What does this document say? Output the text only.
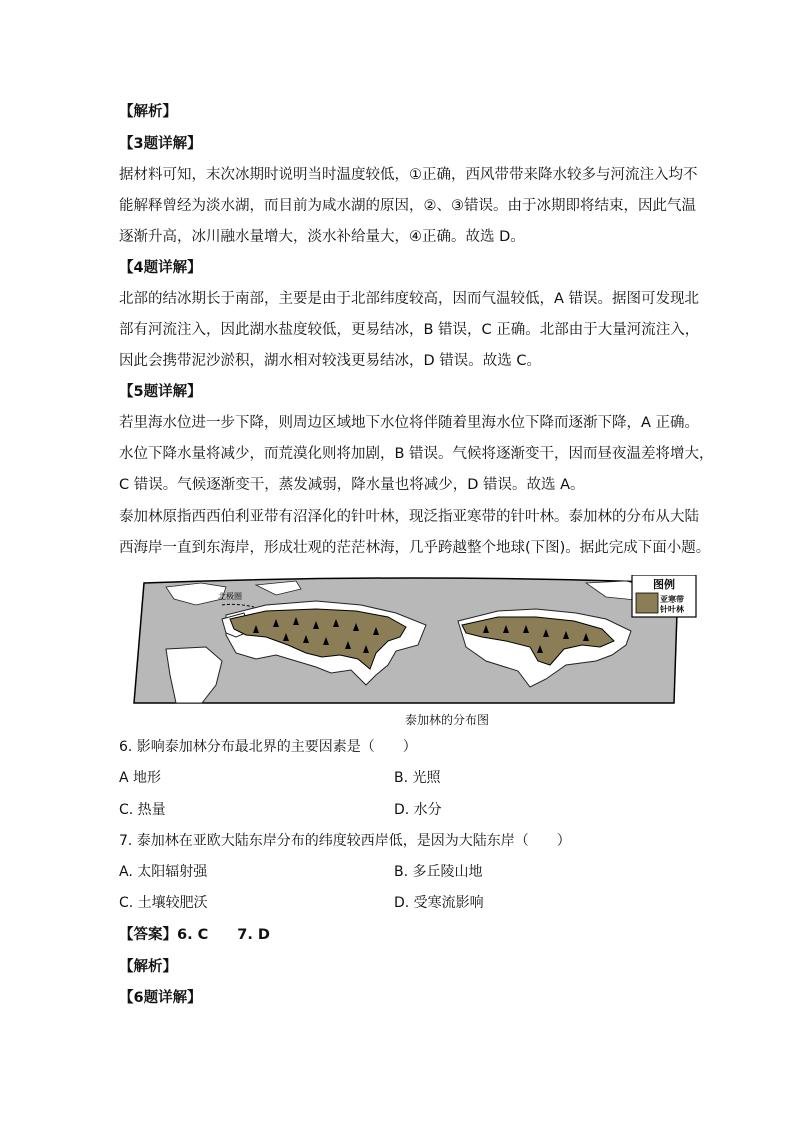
【解析】
【3题详解】
据材料可知，末次冰期时说明当时温度较低，①正确，西风带带来降水较多与河流注入均不
能解释曾经为淡水湖，而目前为咸水湖的原因，②、③错误。由于冰期即将结束，因此气温
逐渐升高，冰川融水量增大，淡水补给量大，④正确。故选 D。
【4题详解】
北部的结冰期长于南部，主要是由于北部纬度较高，因而气温较低，A 错误。据图可发现北
部有河流注入，因此湖水盐度较低，更易结冰，B 错误，C 正确。北部由于大量河流注入，
因此会携带泥沙淤积，湖水相对较浅更易结冰，D 错误。故选 C。
【5题详解】
若里海水位进一步下降，则周边区域地下水位将伴随着里海水位下降而逐渐下降，A 正确。
水位下降水量将减少，而荒漠化则将加剧，B 错误。气候将逐渐变干，因而昼夜温差将增大，
C 错误。气候逐渐变干，蒸发减弱，降水量也将减少，D 错误。故选 A。
泰加林原指西西伯利亚带有沼泽化的针叶林，现泛指亚寒带的针叶林。泰加林的分布从大陆
西海岸一直到东海岸，形成壮观的茫茫林海，几乎跨越整个地球(下图)。据此完成下面小题。
北极圈
图例
亚寒带
针叶林
泰加林的分布图
6. 影响泰加林分布最北界的主要因素是（　　）
A 地形	B. 光照
C. 热量	D. 水分
7. 泰加林在亚欧大陆东岸分布的纬度较西岸低，是因为大陆东岸（　　）
A. 太阳辐射强	B. 多丘陵山地
C. 土壤较肥沃	D. 受寒流影响
【答案】6. C　　7. D
【解析】
【6题详解】
